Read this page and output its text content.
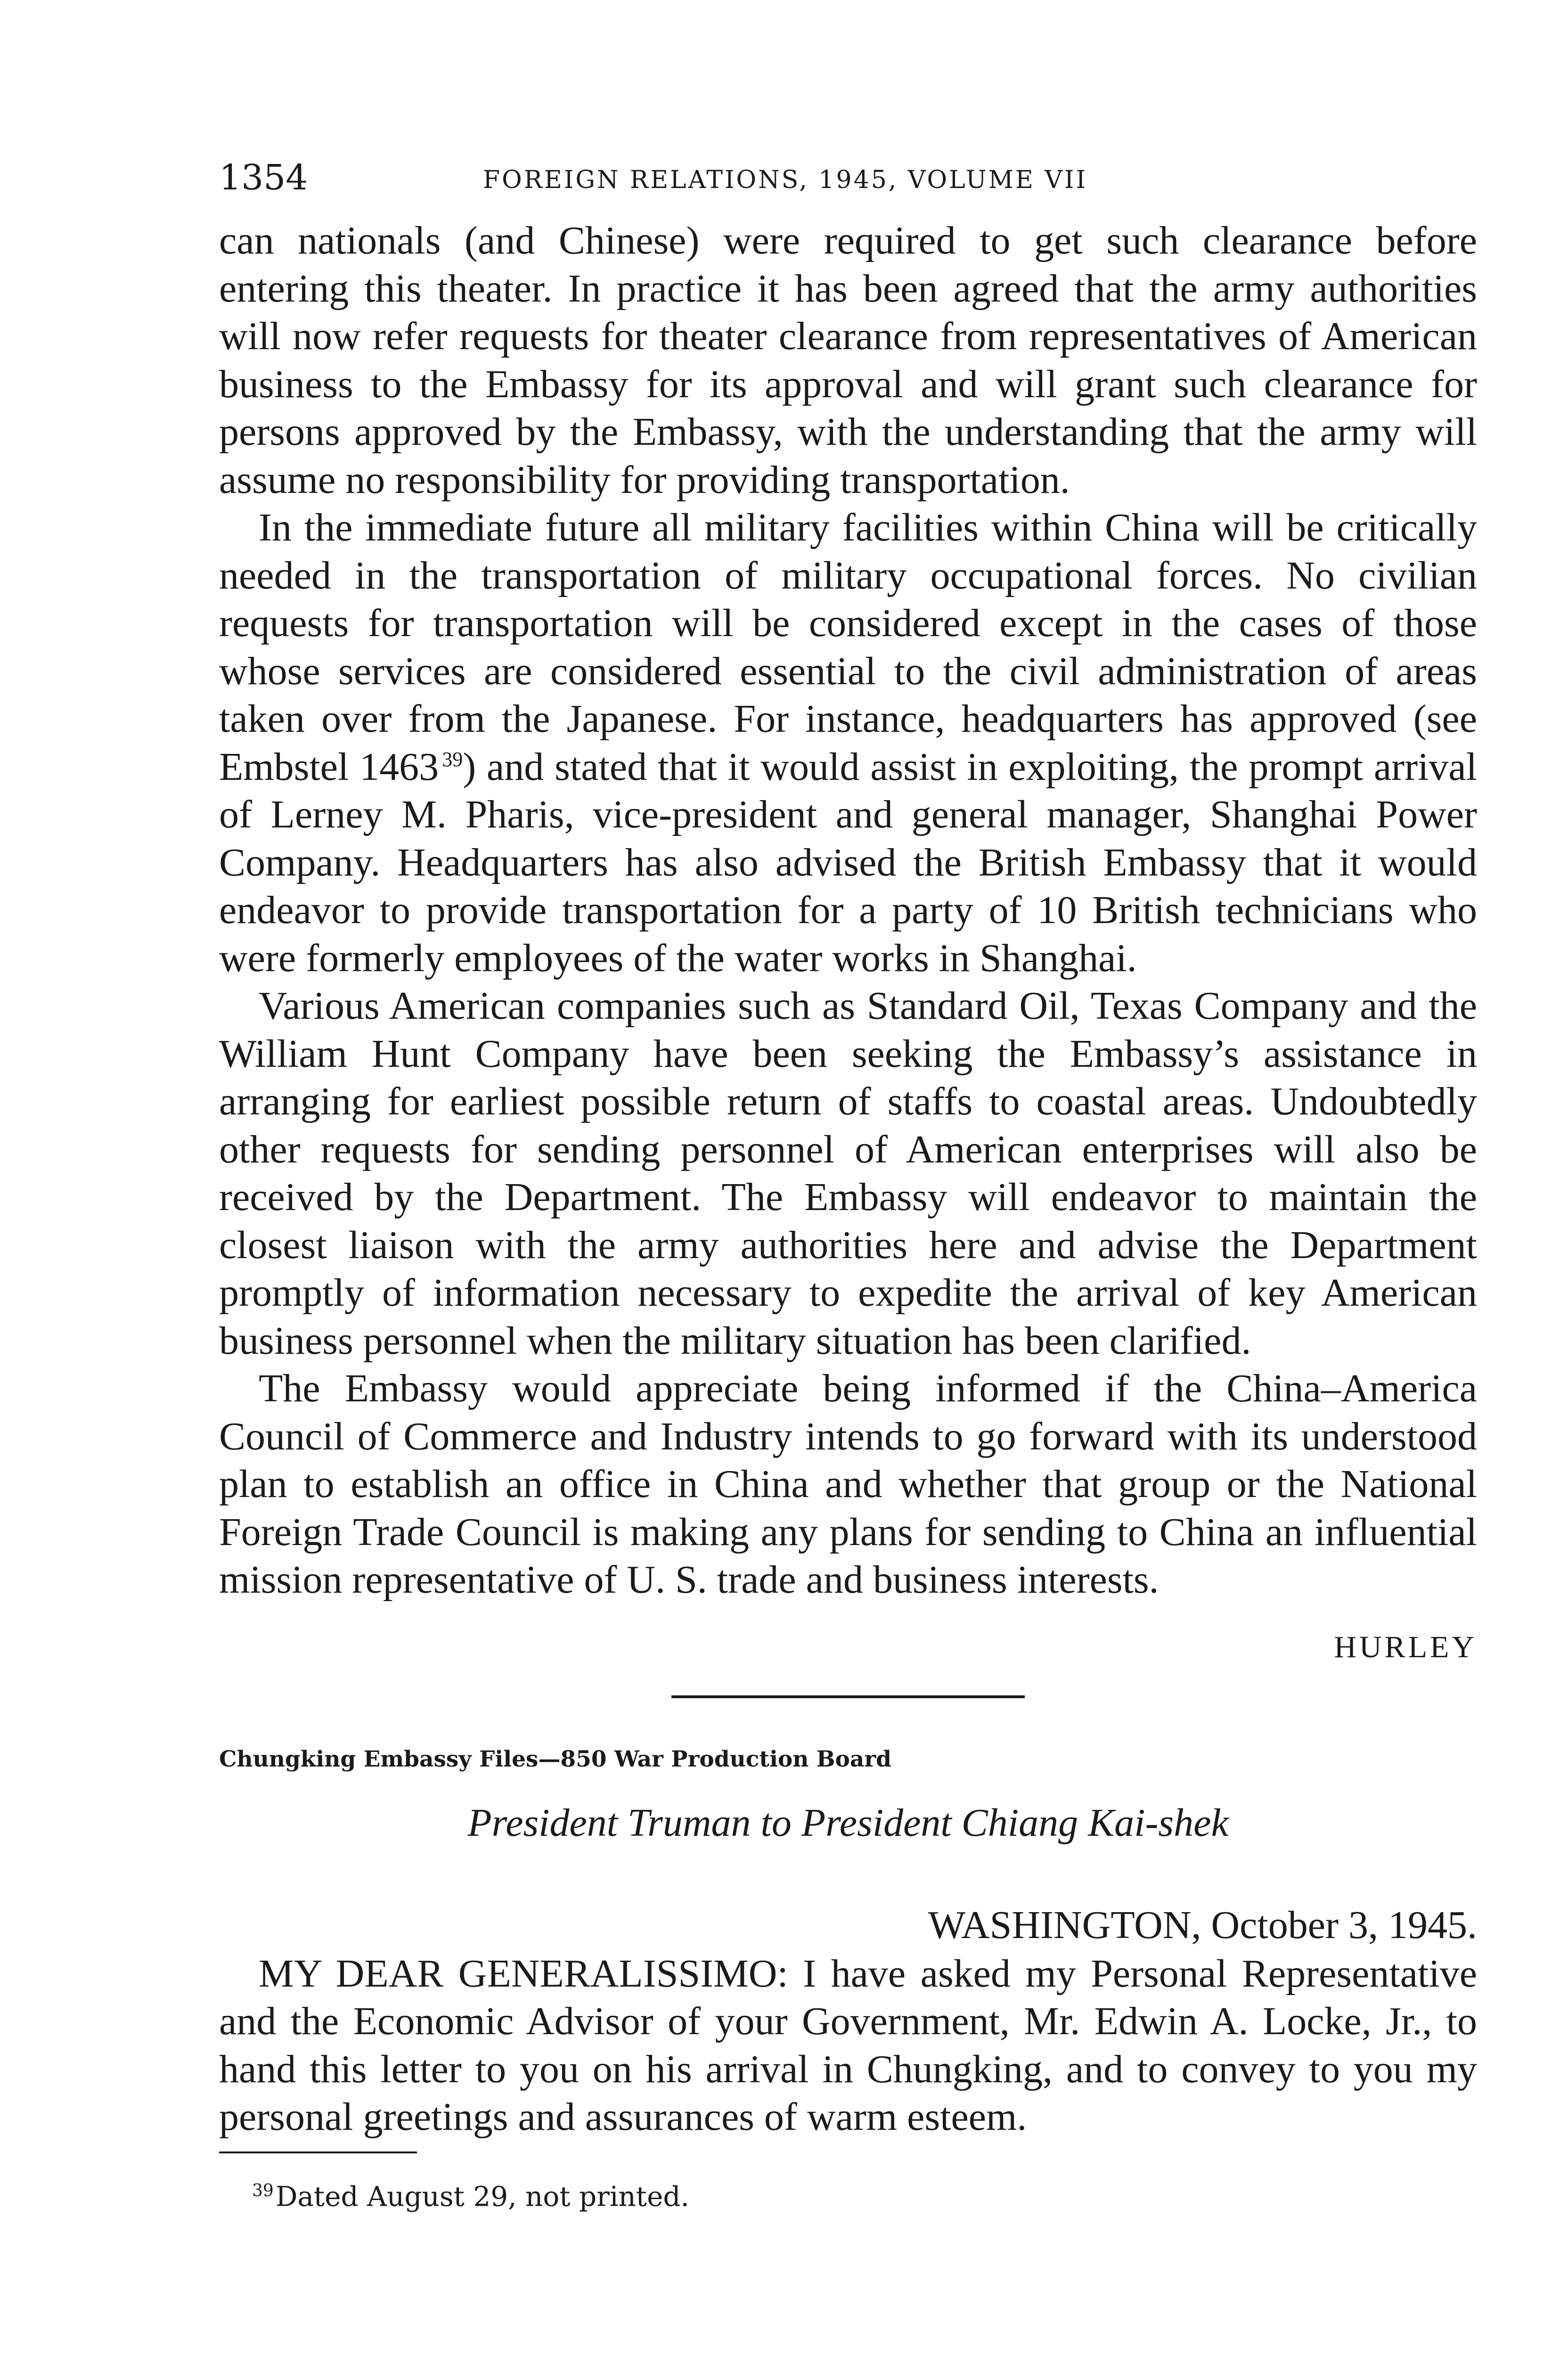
1354	FOREIGN RELATIONS, 1945, VOLUME VII

can nationals (and Chinese) were required to get such clearance before entering this theater. In practice it has been agreed that the army authorities will now refer requests for theater clearance from representatives of American business to the Embassy for its approval and will grant such clearance for persons approved by the Embassy, with the understanding that the army will assume no responsibility for providing transportation.

In the immediate future all military facilities within China will be critically needed in the transportation of military occupational forces. No civilian requests for transportation will be considered except in the cases of those whose services are considered essential to the civil administration of areas taken over from the Japanese. For instance, headquarters has approved (see Embstel 1463  $^{39}$) and stated that it would assist in exploiting, the prompt arrival of Lerney M. Pharis, vice-president and general manager, Shanghai Power Company. Headquarters has also advised the British Embassy that it would endeavor to provide transportation for a party of 10 British technicians who were formerly employees of the water works in Shanghai.

Various American companies such as Standard Oil, Texas Company and the William Hunt Company have been seeking the Embassy’s assistance in arranging for earliest possible return of staffs to coastal areas. Undoubtedly other requests for sending personnel of American enterprises will also be received by the Department. The Embassy will endeavor to maintain the closest liaison with the army authorities here and advise the Department promptly of information necessary to expedite the arrival of key American business personnel when the military situation has been clarified.

The Embassy would appreciate being informed if the China–America Council of Commerce and Industry intends to go forward with its understood plan to establish an office in China and whether that group or the National Foreign Trade Council is making any plans for sending to China an influential mission representative of U. S. trade and business interests.

HURLEY
Chungking Embassy Files—850 War Production Board
President Truman to President Chiang Kai-shek
WASHINGTON, October 3, 1945.

MY DEAR GENERALISSIMO: I have asked my Personal Representative and the Economic Advisor of your Government, Mr. Edwin A. Locke, Jr., to hand this letter to you on his arrival in Chungking, and to convey to you my personal greetings and assurances of warm esteem.

$^{39}$Dated August 29, not printed.
